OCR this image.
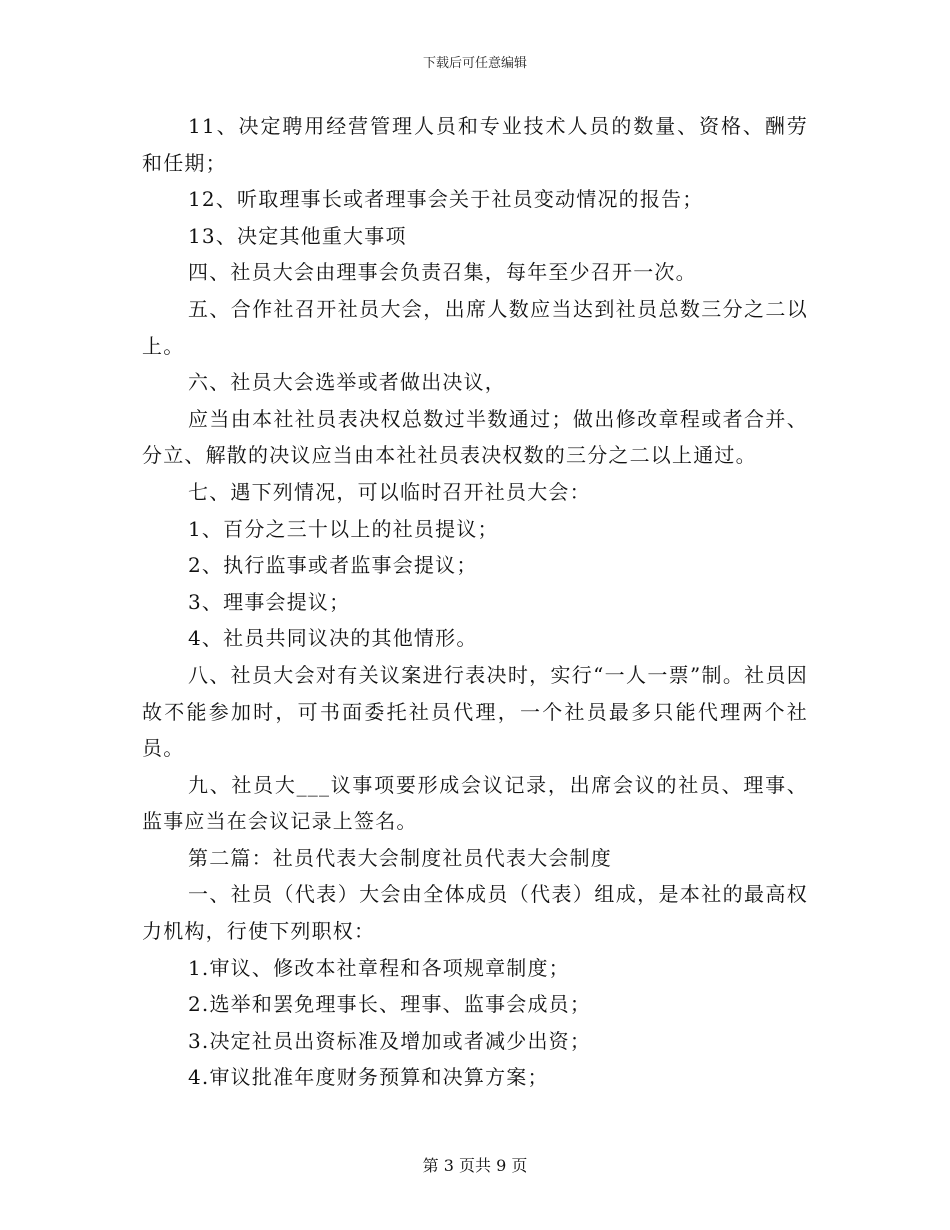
下载后可任意编辑

11、决定聘用经营管理人员和专业技术人员的数量、资格、酬劳和任期；

12、听取理事长或者理事会关于社员变动情况的报告；

13、决定其他重大事项

四、社员大会由理事会负责召集，每年至少召开一次。

五、合作社召开社员大会，出席人数应当达到社员总数三分之二以上。

六、社员大会选举或者做出决议，

应当由本社社员表决权总数过半数通过；做出修改章程或者合并、分立、解散的决议应当由本社社员表决权数的三分之二以上通过。

七、遇下列情况，可以临时召开社员大会：

1、百分之三十以上的社员提议；

2、执行监事或者监事会提议；

3、理事会提议；

4、社员共同议决的其他情形。

八、社员大会对有关议案进行表决时，实行“一人一票”制。社员因故不能参加时，可书面委托社员代理，一个社员最多只能代理两个社员。

九、社员大___议事项要形成会议记录，出席会议的社员、理事、监事应当在会议记录上签名。

第二篇：社员代表大会制度社员代表大会制度

一、社员（代表）大会由全体成员（代表）组成，是本社的最高权力机构，行使下列职权：

1.审议、修改本社章程和各项规章制度；

2.选举和罢免理事长、理事、监事会成员；

3.决定社员出资标准及增加或者减少出资；

4.审议批准年度财务预算和决算方案；

第 3 页共 9 页
